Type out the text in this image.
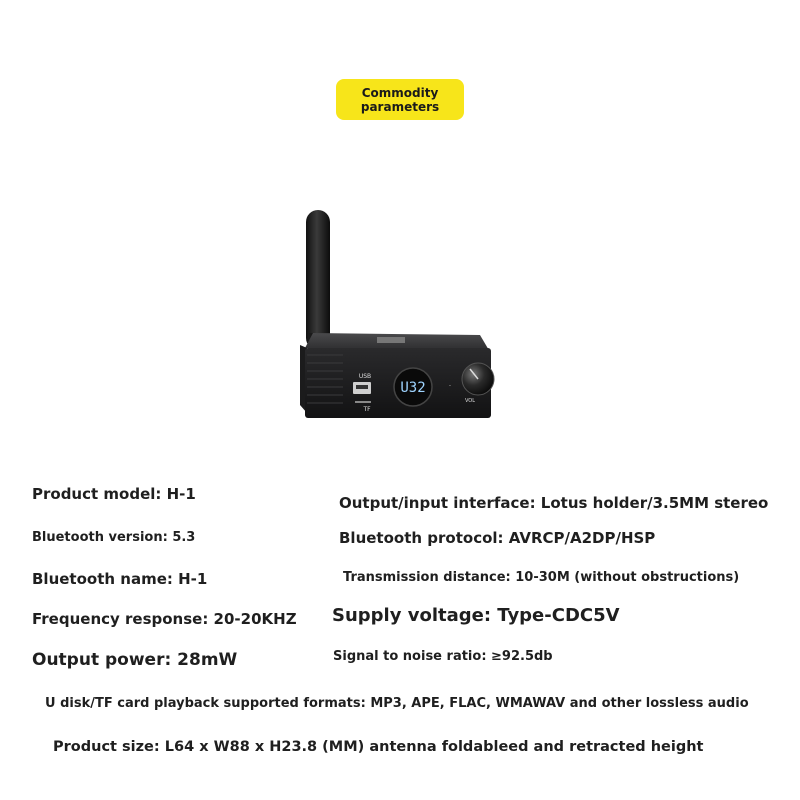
Commodity
parameters
USB
TF
U32
VOL
-
Product model: H-1	Output/input interface: Lotus holder/3.5MM stereo
Bluetooth version: 5.3	Bluetooth protocol: AVRCP/A2DP/HSP
Bluetooth name: H-1	Transmission distance: 10-30M (without obstructions)
Frequency response: 20-20KHZ Supply voltage: Type-CDC5V
Output power: 28mW	Signal to noise ratio: ≥92.5db
U disk/TF card playback supported formats: MP3, APE, FLAC, WMAWAV and other lossless audio
Product size: L64 x W88 x H23.8 (MM) antenna foldableed and retracted height
